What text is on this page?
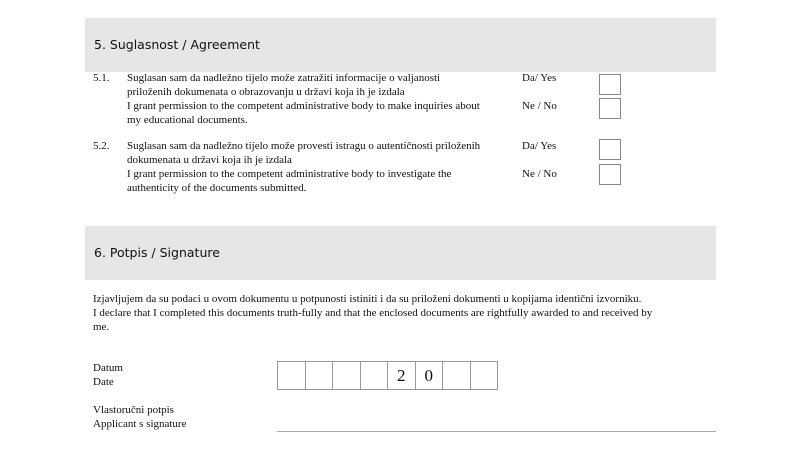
5. Suglasnost / Agreement
5.1. Suglasan sam da nadležno tijelo može zatražiti informacije o valjanosti
priloženih dokumenata o obrazovanju u državi koja ih je izdala
I grant permission to the competent administrative body to make inquiries about
my educational documents.
Da/ Yes
Ne / No
5.2. Suglasan sam da nadležno tijelo može provesti istragu o autentičnosti priloženih
dokumenata u državi koja ih je izdala
I grant permission to the competent administrative body to investigate the
authenticity of the documents submitted.
Da/ Yes
Ne / No
6. Potpis / Signature
Izjavljujem da su podaci u ovom dokumentu u potpunosti istiniti i da su priloženi dokumenti u kopijama identični izvorniku.
I declare that I completed this documents truth-fully and that the enclosed documents are rightfully awarded to and received by
me.
Datum
Date	2	0
Vlastoručni potpis
Applicant s signature
